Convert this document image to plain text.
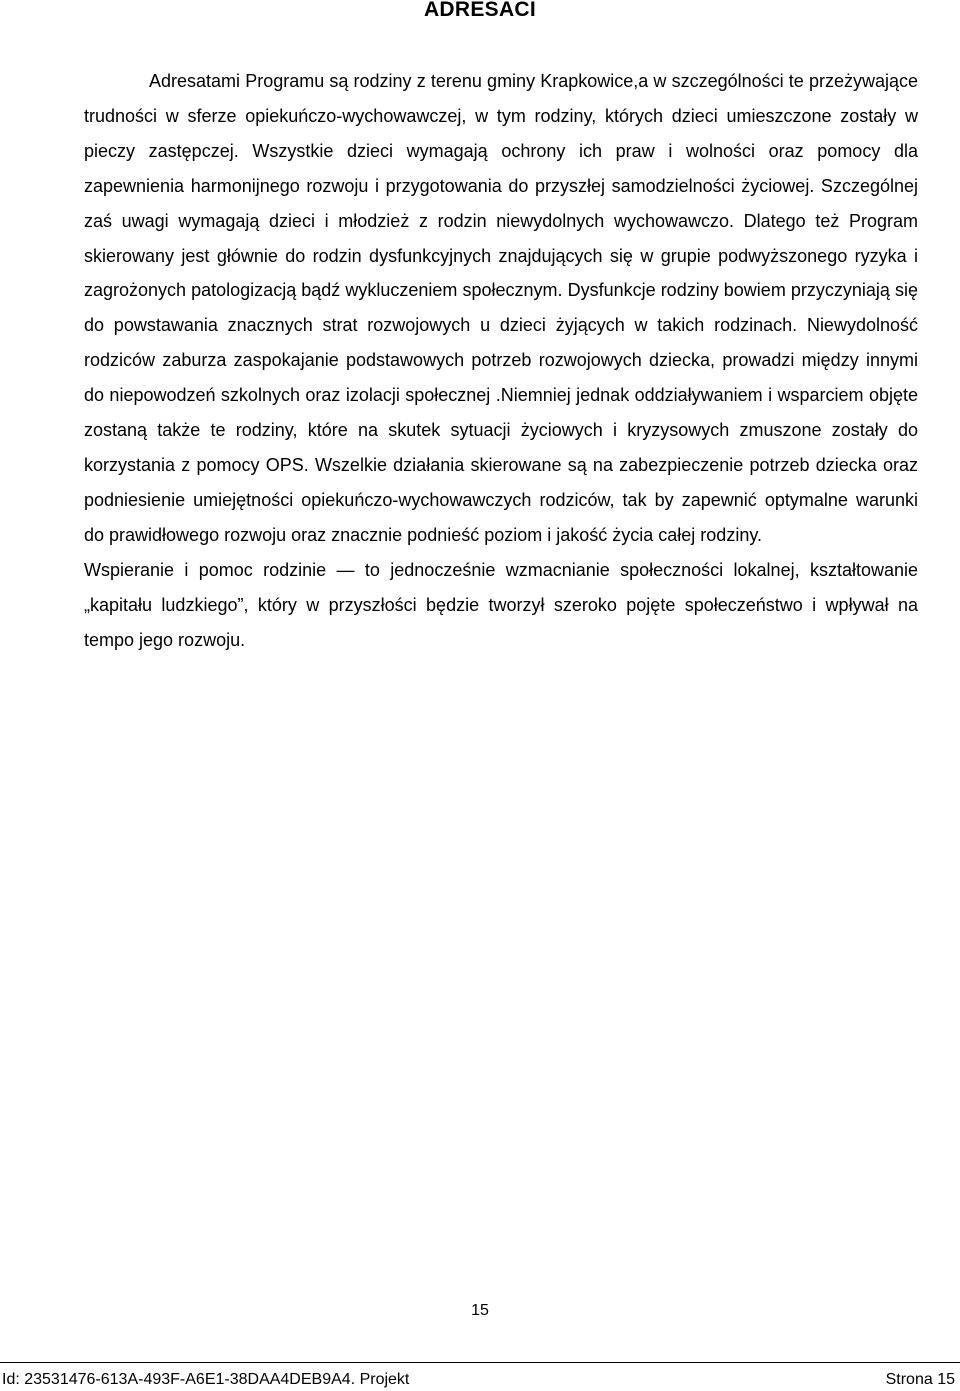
ADRESACI

Adresatami Programu są rodziny z terenu gminy Krapkowice,a w szczególności te przeżywające trudności w sferze opiekuńczo-wychowawczej, w tym rodziny, których dzieci umieszczone zostały w pieczy zastępczej. Wszystkie dzieci wymagają ochrony ich praw i wolności oraz pomocy dla zapewnienia harmonijnego rozwoju i przygotowania do przyszłej samodzielności życiowej. Szczególnej zaś uwagi wymagają dzieci i młodzież z rodzin niewydolnych wychowawczo. Dlatego też Program skierowany jest głównie do rodzin dysfunkcyjnych znajdujących się w grupie podwyższonego ryzyka i zagrożonych patologizacją bądź wykluczeniem społecznym. Dysfunkcje rodziny bowiem przyczyniają się do powstawania znacznych strat rozwojowych u dzieci żyjących w takich rodzinach. Niewydolność rodziców zaburza zaspokajanie podstawowych potrzeb rozwojowych dziecka, prowadzi między innymi do niepowodzeń szkolnych oraz izolacji społecznej .Niemniej jednak oddziaływaniem i wsparciem objęte zostaną także te rodziny, które na skutek sytuacji życiowych i kryzysowych zmuszone zostały do korzystania z pomocy OPS. Wszelkie działania skierowane są na zabezpieczenie potrzeb dziecka oraz podniesienie umiejętności opiekuńczo-wychowawczych rodziców, tak by zapewnić optymalne warunki do prawidłowego rozwoju oraz znacznie podnieść poziom i jakość życia całej rodziny.

Wspieranie i pomoc rodzinie — to jednocześnie wzmacnianie społeczności lokalnej, kształtowanie „kapitału ludzkiego”, który w przyszłości będzie tworzył szeroko pojęte społeczeństwo i wpływał na tempo jego rozwoju.

15
Id: 23531476-613A-493F-A6E1-38DAA4DEB9A4. Projekt	Strona 15
